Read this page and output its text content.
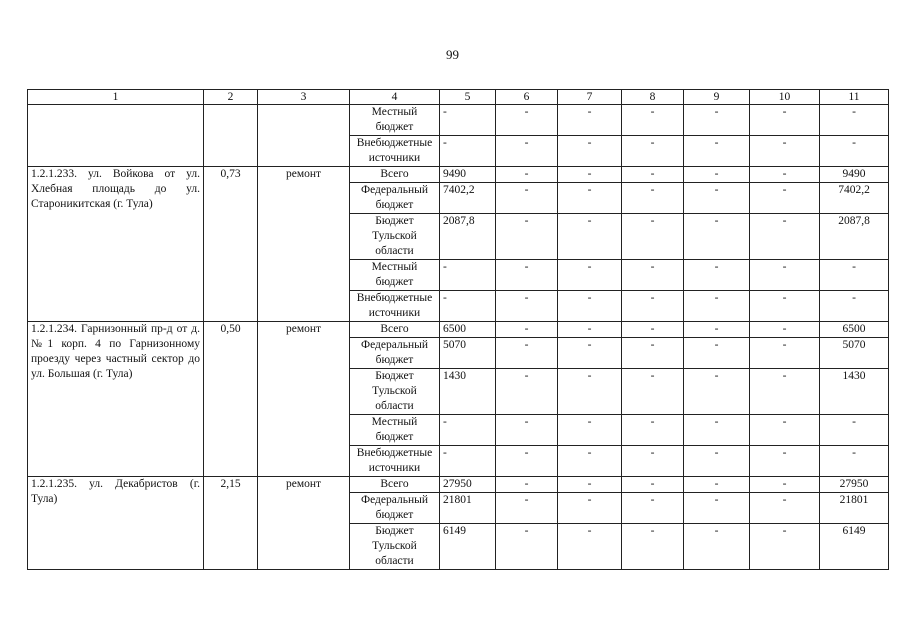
99
1	2	3	4	5	6	7	8	9	10	11
			Местный бюджет	-	-	-	-	-	-	-
			Внебюджетные источники	-	-	-	-	-	-	-

1.2.1.233. ул. Войкова от ул. Хлебная площадь до ул. Староникитская (г. Тула)	0,73	ремонт	Всего	9490	-	-	-	-	-	9490
			Федеральный бюджет	7402,2	-	-	-	-	-	7402,2
			Бюджет Тульской области	2087,8	-	-	-	-	-	2087,8
			Местный бюджет	-	-	-	-	-	-	-
			Внебюджетные источники	-	-	-	-	-	-	-

1.2.1.234. Гарнизонный пр-д от д. №1 корп. 4 по Гарнизонному проезду через частный сектор до ул. Большая (г. Тула)	0,50	ремонт	Всего	6500	-	-	-	-	-	6500
			Федеральный бюджет	5070	-	-	-	-	-	5070
			Бюджет Тульской области	1430	-	-	-	-	-	1430
			Местный бюджет	-	-	-	-	-	-	-
			Внебюджетные источники	-	-	-	-	-	-	-

1.2.1.235. ул. Декабристов (г. Тула)	2,15	ремонт	Всего	27950	-	-	-	-	-	27950
			Федеральный бюджет	21801	-	-	-	-	-	21801
			Бюджет Тульской области	6149	-	-	-	-	-	6149
